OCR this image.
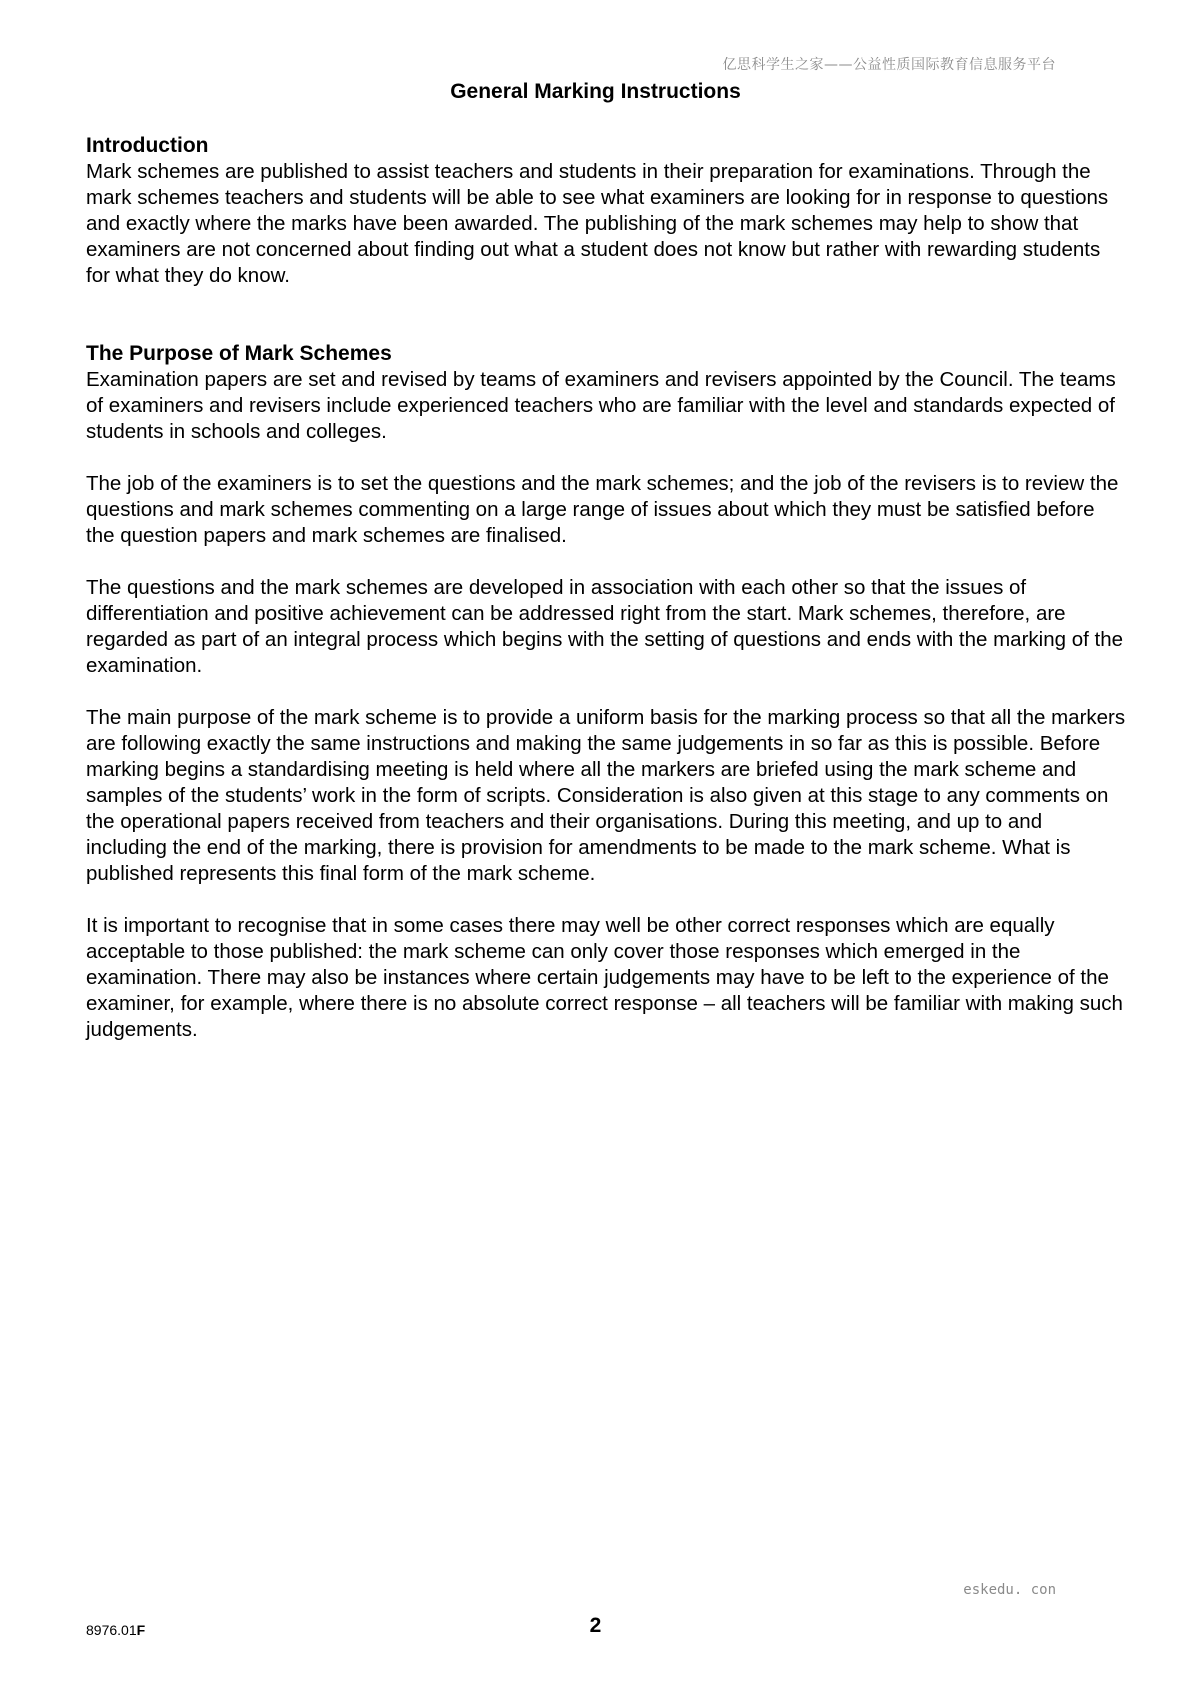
亿思科学生之家——公益性质国际教育信息服务平台
General Marking Instructions
Introduction

Mark schemes are published to assist teachers and students in their preparation for examinations. Through the mark schemes teachers and students will be able to see what examiners are looking for in response to questions and exactly where the marks have been awarded. The publishing of the mark schemes may help to show that examiners are not concerned about finding out what a student does not know but rather with rewarding students for what they do know.

The Purpose of Mark Schemes

Examination papers are set and revised by teams of examiners and revisers appointed by the Council. The teams of examiners and revisers include experienced teachers who are familiar with the level and standards expected of students in schools and colleges.

The job of the examiners is to set the questions and the mark schemes; and the job of the revisers is to review the questions and mark schemes commenting on a large range of issues about which they must be satisfied before the question papers and mark schemes are finalised.

The questions and the mark schemes are developed in association with each other so that the issues of differentiation and positive achievement can be addressed right from the start. Mark schemes, therefore, are regarded as part of an integral process which begins with the setting of questions and ends with the marking of the examination.

The main purpose of the mark scheme is to provide a uniform basis for the marking process so that all the markers are following exactly the same instructions and making the same judgements in so far as this is possible. Before marking begins a standardising meeting is held where all the markers are briefed using the mark scheme and samples of the students’ work in the form of scripts. Consideration is also given at this stage to any comments on the operational papers received from teachers and their organisations. During this meeting, and up to and including the end of the marking, there is provision for amendments to be made to the mark scheme. What is published represents this final form of the mark scheme.

It is important to recognise that in some cases there may well be other correct responses which are equally acceptable to those published: the mark scheme can only cover those responses which emerged in the examination. There may also be instances where certain judgements may have to be left to the experience of the examiner, for example, where there is no absolute correct response – all teachers will be familiar with making such judgements.

eskedu. con
8976.01F	2
